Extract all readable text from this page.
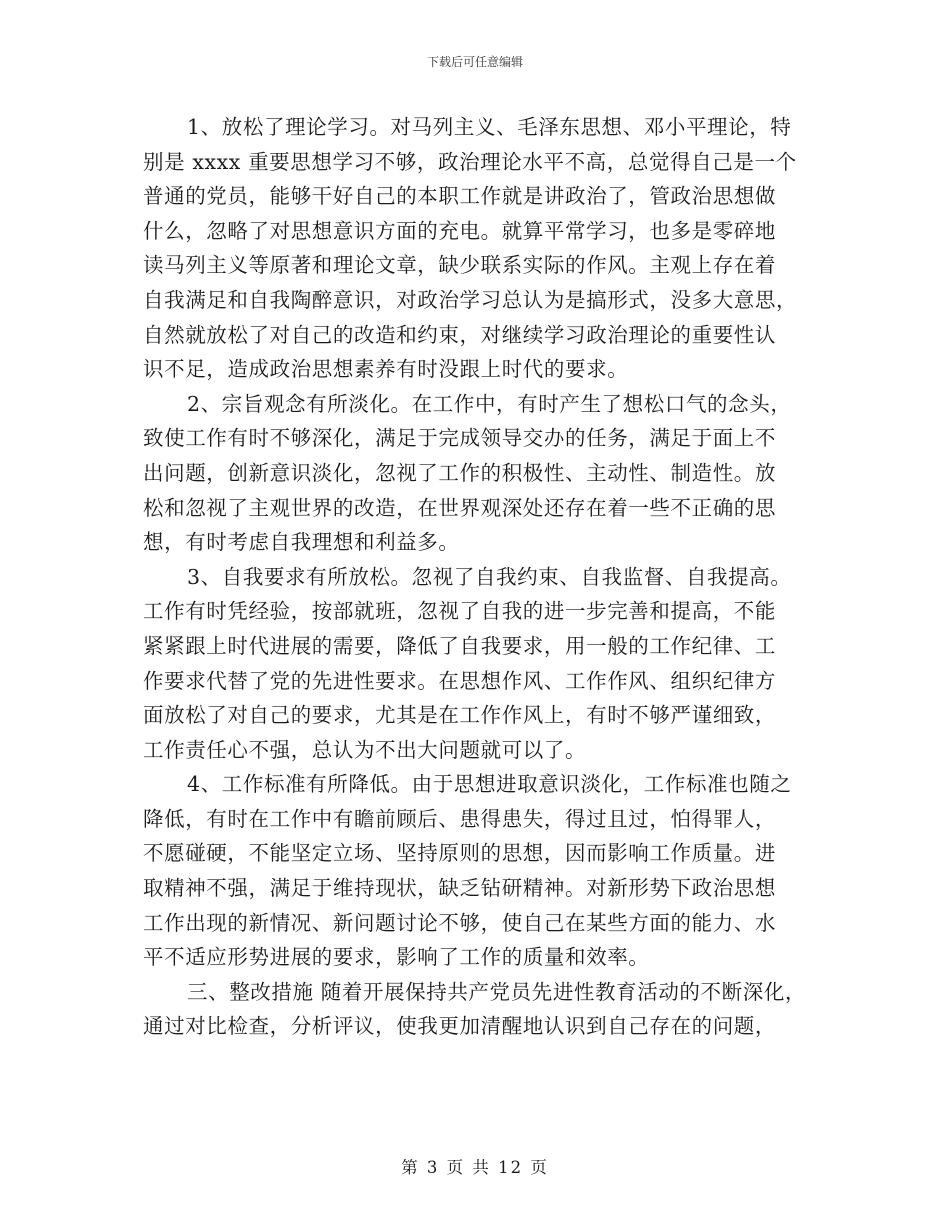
下载后可任意编辑
1、放松了理论学习。对马列主义、毛泽东思想、邓小平理论，特
别是 xxxx 重要思想学习不够，政治理论水平不高，总觉得自己是一个
普通的党员，能够干好自己的本职工作就是讲政治了，管政治思想做
什么，忽略了对思想意识方面的充电。就算平常学习，也多是零碎地
读马列主义等原著和理论文章，缺少联系实际的作风。主观上存在着
自我满足和自我陶醉意识，对政治学习总认为是搞形式，没多大意思，
自然就放松了对自己的改造和约束，对继续学习政治理论的重要性认
识不足，造成政治思想素养有时没跟上时代的要求。
2、宗旨观念有所淡化。在工作中，有时产生了想松口气的念头，
致使工作有时不够深化，满足于完成领导交办的任务，满足于面上不
出问题，创新意识淡化，忽视了工作的积极性、主动性、制造性。放
松和忽视了主观世界的改造，在世界观深处还存在着一些不正确的思
想，有时考虑自我理想和利益多。
3、自我要求有所放松。忽视了自我约束、自我监督、自我提高。
工作有时凭经验，按部就班，忽视了自我的进一步完善和提高，不能
紧紧跟上时代进展的需要，降低了自我要求，用一般的工作纪律、工
作要求代替了党的先进性要求。在思想作风、工作作风、组织纪律方
面放松了对自己的要求，尤其是在工作作风上，有时不够严谨细致，
工作责任心不强，总认为不出大问题就可以了。
4、工作标准有所降低。由于思想进取意识淡化，工作标准也随之
降低，有时在工作中有瞻前顾后、患得患失，得过且过，怕得罪人，
不愿碰硬，不能坚定立场、坚持原则的思想，因而影响工作质量。进
取精神不强，满足于维持现状，缺乏钻研精神。对新形势下政治思想
工作出现的新情况、新问题讨论不够，使自己在某些方面的能力、水
平不适应形势进展的要求，影响了工作的质量和效率。
三、整改措施 随着开展保持共产党员先进性教育活动的不断深化，
通过对比检查，分析评议，使我更加清醒地认识到自己存在的问题，
第 3 页 共 12 页
